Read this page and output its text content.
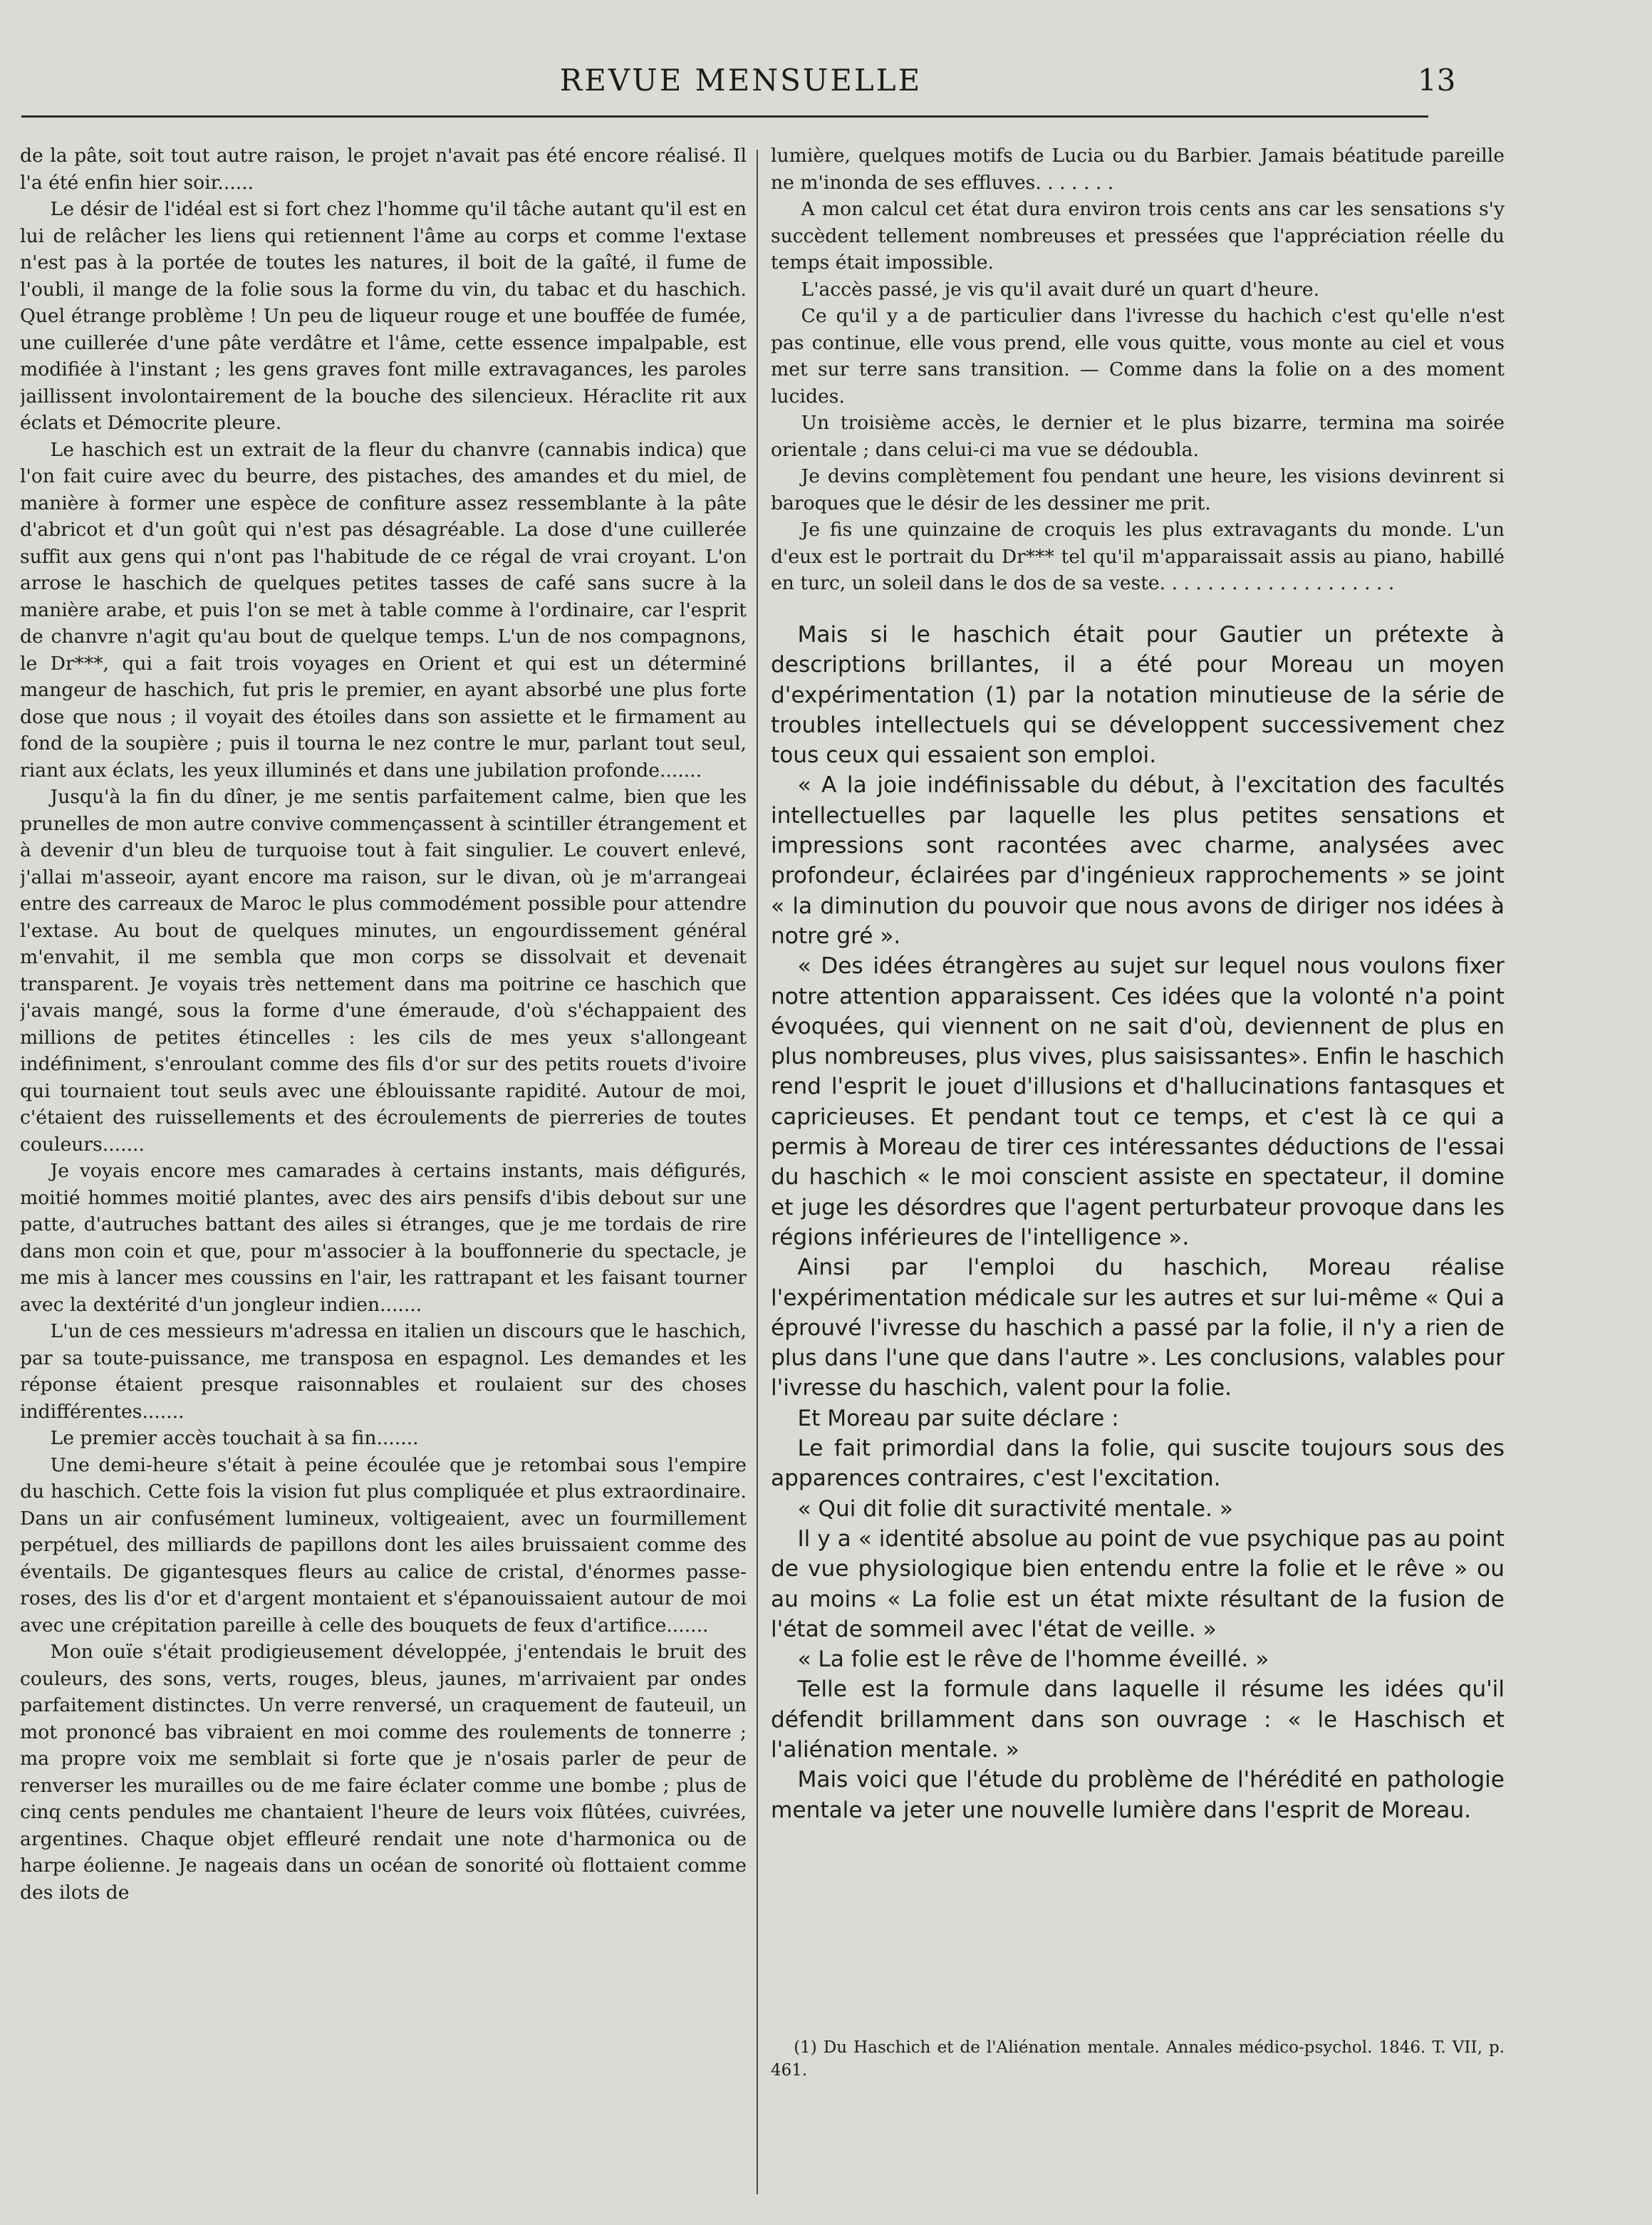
REVUE MENSUELLE	13

de la pâte, soit tout autre raison, le projet n'avait pas été encore réalisé. Il l'a été enfin hier soir......

Le désir de l'idéal est si fort chez l'homme qu'il tâche autant qu'il est en lui de relâcher les liens qui retiennent l'âme au corps et comme l'extase n'est pas à la portée de toutes les natures, il boit de la gaîté, il fume de l'oubli, il mange de la folie sous la forme du vin, du tabac et du haschich. Quel étrange problème ! Un peu de liqueur rouge et une bouffée de fumée, une cuillerée d'une pâte verdâtre et l'âme, cette essence impalpable, est modifiée à l'instant ; les gens graves font mille extravagances, les paroles jaillissent involontairement de la bouche des silencieux. Héraclite rit aux éclats et Démocrite pleure.

Le haschich est un extrait de la fleur du chanvre (cannabis indica) que l'on fait cuire avec du beurre, des pistaches, des amandes et du miel, de manière à former une espèce de confiture assez ressemblante à la pâte d'abricot et d'un goût qui n'est pas désagréable. La dose d'une cuillerée suffit aux gens qui n'ont pas l'habitude de ce régal de vrai croyant. L'on arrose le haschich de quelques petites tasses de café sans sucre à la manière arabe, et puis l'on se met à table comme à l'ordinaire, car l'esprit de chanvre n'agit qu'au bout de quelque temps. L'un de nos compagnons, le Dr***, qui a fait trois voyages en Orient et qui est un déterminé mangeur de haschich, fut pris le premier, en ayant absorbé une plus forte dose que nous ; il voyait des étoiles dans son assiette et le firmament au fond de la soupière ; puis il tourna le nez contre le mur, parlant tout seul, riant aux éclats, les yeux illuminés et dans une jubilation profonde.......

Jusqu'à la fin du dîner, je me sentis parfaitement calme, bien que les prunelles de mon autre convive commençassent à scintiller étrangement et à devenir d'un bleu de turquoise tout à fait singulier. Le couvert enlevé, j'allai m'asseoir, ayant encore ma raison, sur le divan, où je m'arrangeai entre des carreaux de Maroc le plus commodément possible pour attendre l'extase. Au bout de quelques minutes, un engourdissement général m'envahit, il me sembla que mon corps se dissolvait et devenait transparent. Je voyais très nettement dans ma poitrine ce haschich que j'avais mangé, sous la forme d'une émeraude, d'où s'échappaient des millions de petites étincelles : les cils de mes yeux s'allongeant indéfiniment, s'enroulant comme des fils d'or sur des petits rouets d'ivoire qui tournaient tout seuls avec une éblouissante rapidité. Autour de moi, c'étaient des ruissellements et des écroulements de pierreries de toutes couleurs.......

Je voyais encore mes camarades à certains instants, mais défigurés, moitié hommes moitié plantes, avec des airs pensifs d'ibis debout sur une patte, d'autruches battant des ailes si étranges, que je me tordais de rire dans mon coin et que, pour m'associer à la bouffonnerie du spectacle, je me mis à lancer mes coussins en l'air, les rattrapant et les faisant tourner avec la dextérité d'un jongleur indien.......

L'un de ces messieurs m'adressa en italien un discours que le haschich, par sa toute-puissance, me transposa en espagnol. Les demandes et les réponse étaient presque raisonnables et roulaient sur des choses indifférentes.......

Le premier accès touchait à sa fin.......

Une demi-heure s'était à peine écoulée que je retombai sous l'empire du haschich. Cette fois la vision fut plus compliquée et plus extraordinaire. Dans un air confusément lumineux, voltigeaient, avec un fourmillement perpétuel, des milliards de papillons dont les ailes bruissaient comme des éventails. De gigantesques fleurs au calice de cristal, d'énormes passe-roses, des lis d'or et d'argent montaient et s'épanouissaient autour de moi avec une crépitation pareille à celle des bouquets de feux d'artifice.......

Mon ouïe s'était prodigieusement développée, j'entendais le bruit des couleurs, des sons, verts, rouges, bleus, jaunes, m'arrivaient par ondes parfaitement distinctes. Un verre renversé, un craquement de fauteuil, un mot prononcé bas vibraient en moi comme des roulements de tonnerre ; ma propre voix me semblait si forte que je n'osais parler de peur de renverser les murailles ou de me faire éclater comme une bombe ; plus de cinq cents pendules me chantaient l'heure de leurs voix flûtées, cuivrées, argentines. Chaque objet effleuré rendait une note d'harmonica ou de harpe éolienne. Je nageais dans un océan de sonorité où flottaient comme des ilots de

lumière, quelques motifs de Lucia ou du Barbier. Jamais béatitude pareille ne m'inonda de ses effluves. . . . . . .

A mon calcul cet état dura environ trois cents ans car les sensations s'y succèdent tellement nombreuses et pressées que l'appréciation réelle du temps était impossible.

L'accès passé, je vis qu'il avait duré un quart d'heure.

Ce qu'il y a de particulier dans l'ivresse du hachich c'est qu'elle n'est pas continue, elle vous prend, elle vous quitte, vous monte au ciel et vous met sur terre sans transition. — Comme dans la folie on a des moment lucides.

Un troisième accès, le dernier et le plus bizarre, termina ma soirée orientale ; dans celui-ci ma vue se dédoubla.

Je devins complètement fou pendant une heure, les visions devinrent si baroques que le désir de les dessiner me prit.

Je fis une quinzaine de croquis les plus extravagants du monde. L'un d'eux est le portrait du Dr*** tel qu'il m'apparaissait assis au piano, habillé en turc, un soleil dans le dos de sa veste. . . . . . . . . . . . . . . . . . . .

Mais si le haschich était pour Gautier un prétexte à descriptions brillantes, il a été pour Moreau un moyen d'expérimentation (1) par la notation minutieuse de la série de troubles intellectuels qui se développent successivement chez tous ceux qui essaient son emploi.

« A la joie indéfinissable du début, à l'excitation des facultés intellectuelles par laquelle les plus petites sensations et impressions sont racontées avec charme, analysées avec profondeur, éclairées par d'ingénieux rapprochements » se joint « la diminution du pouvoir que nous avons de diriger nos idées à notre gré ».

« Des idées étrangères au sujet sur lequel nous voulons fixer notre attention apparaissent. Ces idées que la volonté n'a point évoquées, qui viennent on ne sait d'où, deviennent de plus en plus nombreuses, plus vives, plus saisissantes». Enfin le haschich rend l'esprit le jouet d'illusions et d'hallucinations fantasques et capricieuses. Et pendant tout ce temps, et c'est là ce qui a permis à Moreau de tirer ces intéressantes déductions de l'essai du haschich « le moi conscient assiste en spectateur, il domine et juge les désordres que l'agent perturbateur provoque dans les régions inférieures de l'intelligence ».

Ainsi par l'emploi du haschich, Moreau réalise l'expérimentation médicale sur les autres et sur lui-même « Qui a éprouvé l'ivresse du haschich a passé par la folie, il n'y a rien de plus dans l'une que dans l'autre ». Les conclusions, valables pour l'ivresse du haschich, valent pour la folie.

Et Moreau par suite déclare :

Le fait primordial dans la folie, qui suscite toujours sous des apparences contraires, c'est l'excitation.

« Qui dit folie dit suractivité mentale. »

Il y a « identité absolue au point de vue psychique pas au point de vue physiologique bien entendu entre la folie et le rêve » ou au moins « La folie est un état mixte résultant de la fusion de l'état de sommeil avec l'état de veille. »

« La folie est le rêve de l'homme éveillé. »

Telle est la formule dans laquelle il résume les idées qu'il défendit brillamment dans son ouvrage : « le Haschisch et l'aliénation mentale. »

Mais voici que l'étude du problème de l'hérédité en pathologie mentale va jeter une nouvelle lumière dans l'esprit de Moreau.

(1) Du Haschich et de l'Aliénation mentale. Annales médico-psychol. 1846. T. VII, p. 461.
